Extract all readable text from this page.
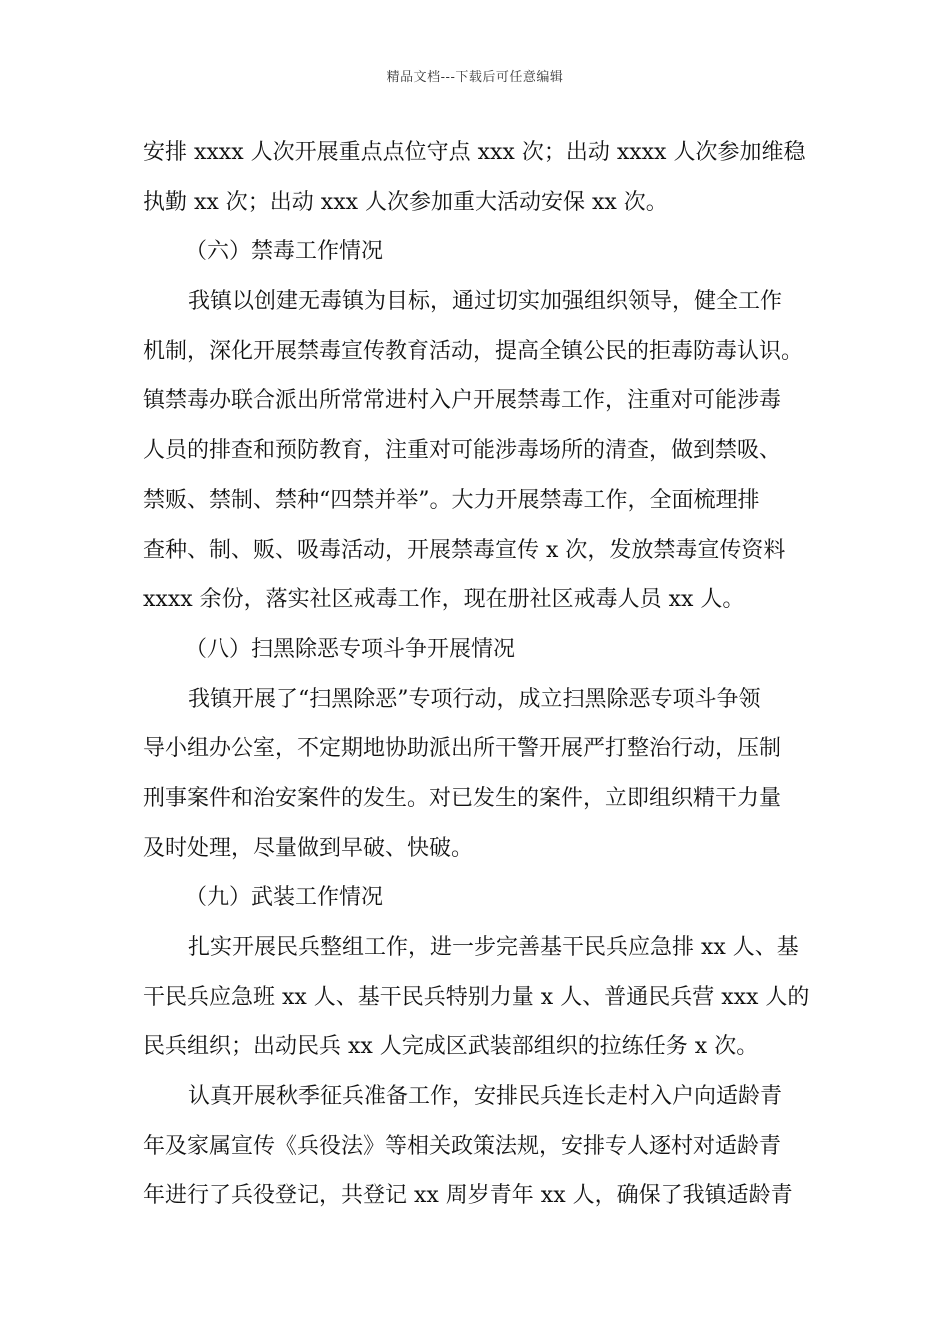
精品文档---下载后可任意编辑
安排 xxxx 人次开展重点点位守点 xxx 次；出动 xxxx 人次参加维稳
执勤 xx 次；出动 xxx 人次参加重大活动安保 xx 次。
（六）禁毒工作情况
我镇以创建无毒镇为目标，通过切实加强组织领导，健全工作
机制，深化开展禁毒宣传教育活动，提高全镇公民的拒毒防毒认识。
镇禁毒办联合派出所常常进村入户开展禁毒工作，注重对可能涉毒
人员的排查和预防教育，注重对可能涉毒场所的清查，做到禁吸、
禁贩、禁制、禁种“四禁并举”。大力开展禁毒工作，全面梳理排
查种、制、贩、吸毒活动，开展禁毒宣传 x 次，发放禁毒宣传资料
xxxx 余份，落实社区戒毒工作，现在册社区戒毒人员 xx 人。
（八）扫黑除恶专项斗争开展情况
我镇开展了“扫黑除恶”专项行动，成立扫黑除恶专项斗争领
导小组办公室，不定期地协助派出所干警开展严打整治行动，压制
刑事案件和治安案件的发生。对已发生的案件，立即组织精干力量
及时处理，尽量做到早破、快破。
（九）武装工作情况
扎实开展民兵整组工作，进一步完善基干民兵应急排 xx 人、基
干民兵应急班 xx 人、基干民兵特别力量 x 人、普通民兵营 xxx 人的
民兵组织；出动民兵 xx 人完成区武装部组织的拉练任务 x 次。
认真开展秋季征兵准备工作，安排民兵连长走村入户向适龄青
年及家属宣传《兵役法》等相关政策法规，安排专人逐村对适龄青
年进行了兵役登记，共登记 xx 周岁青年 xx 人，确保了我镇适龄青
